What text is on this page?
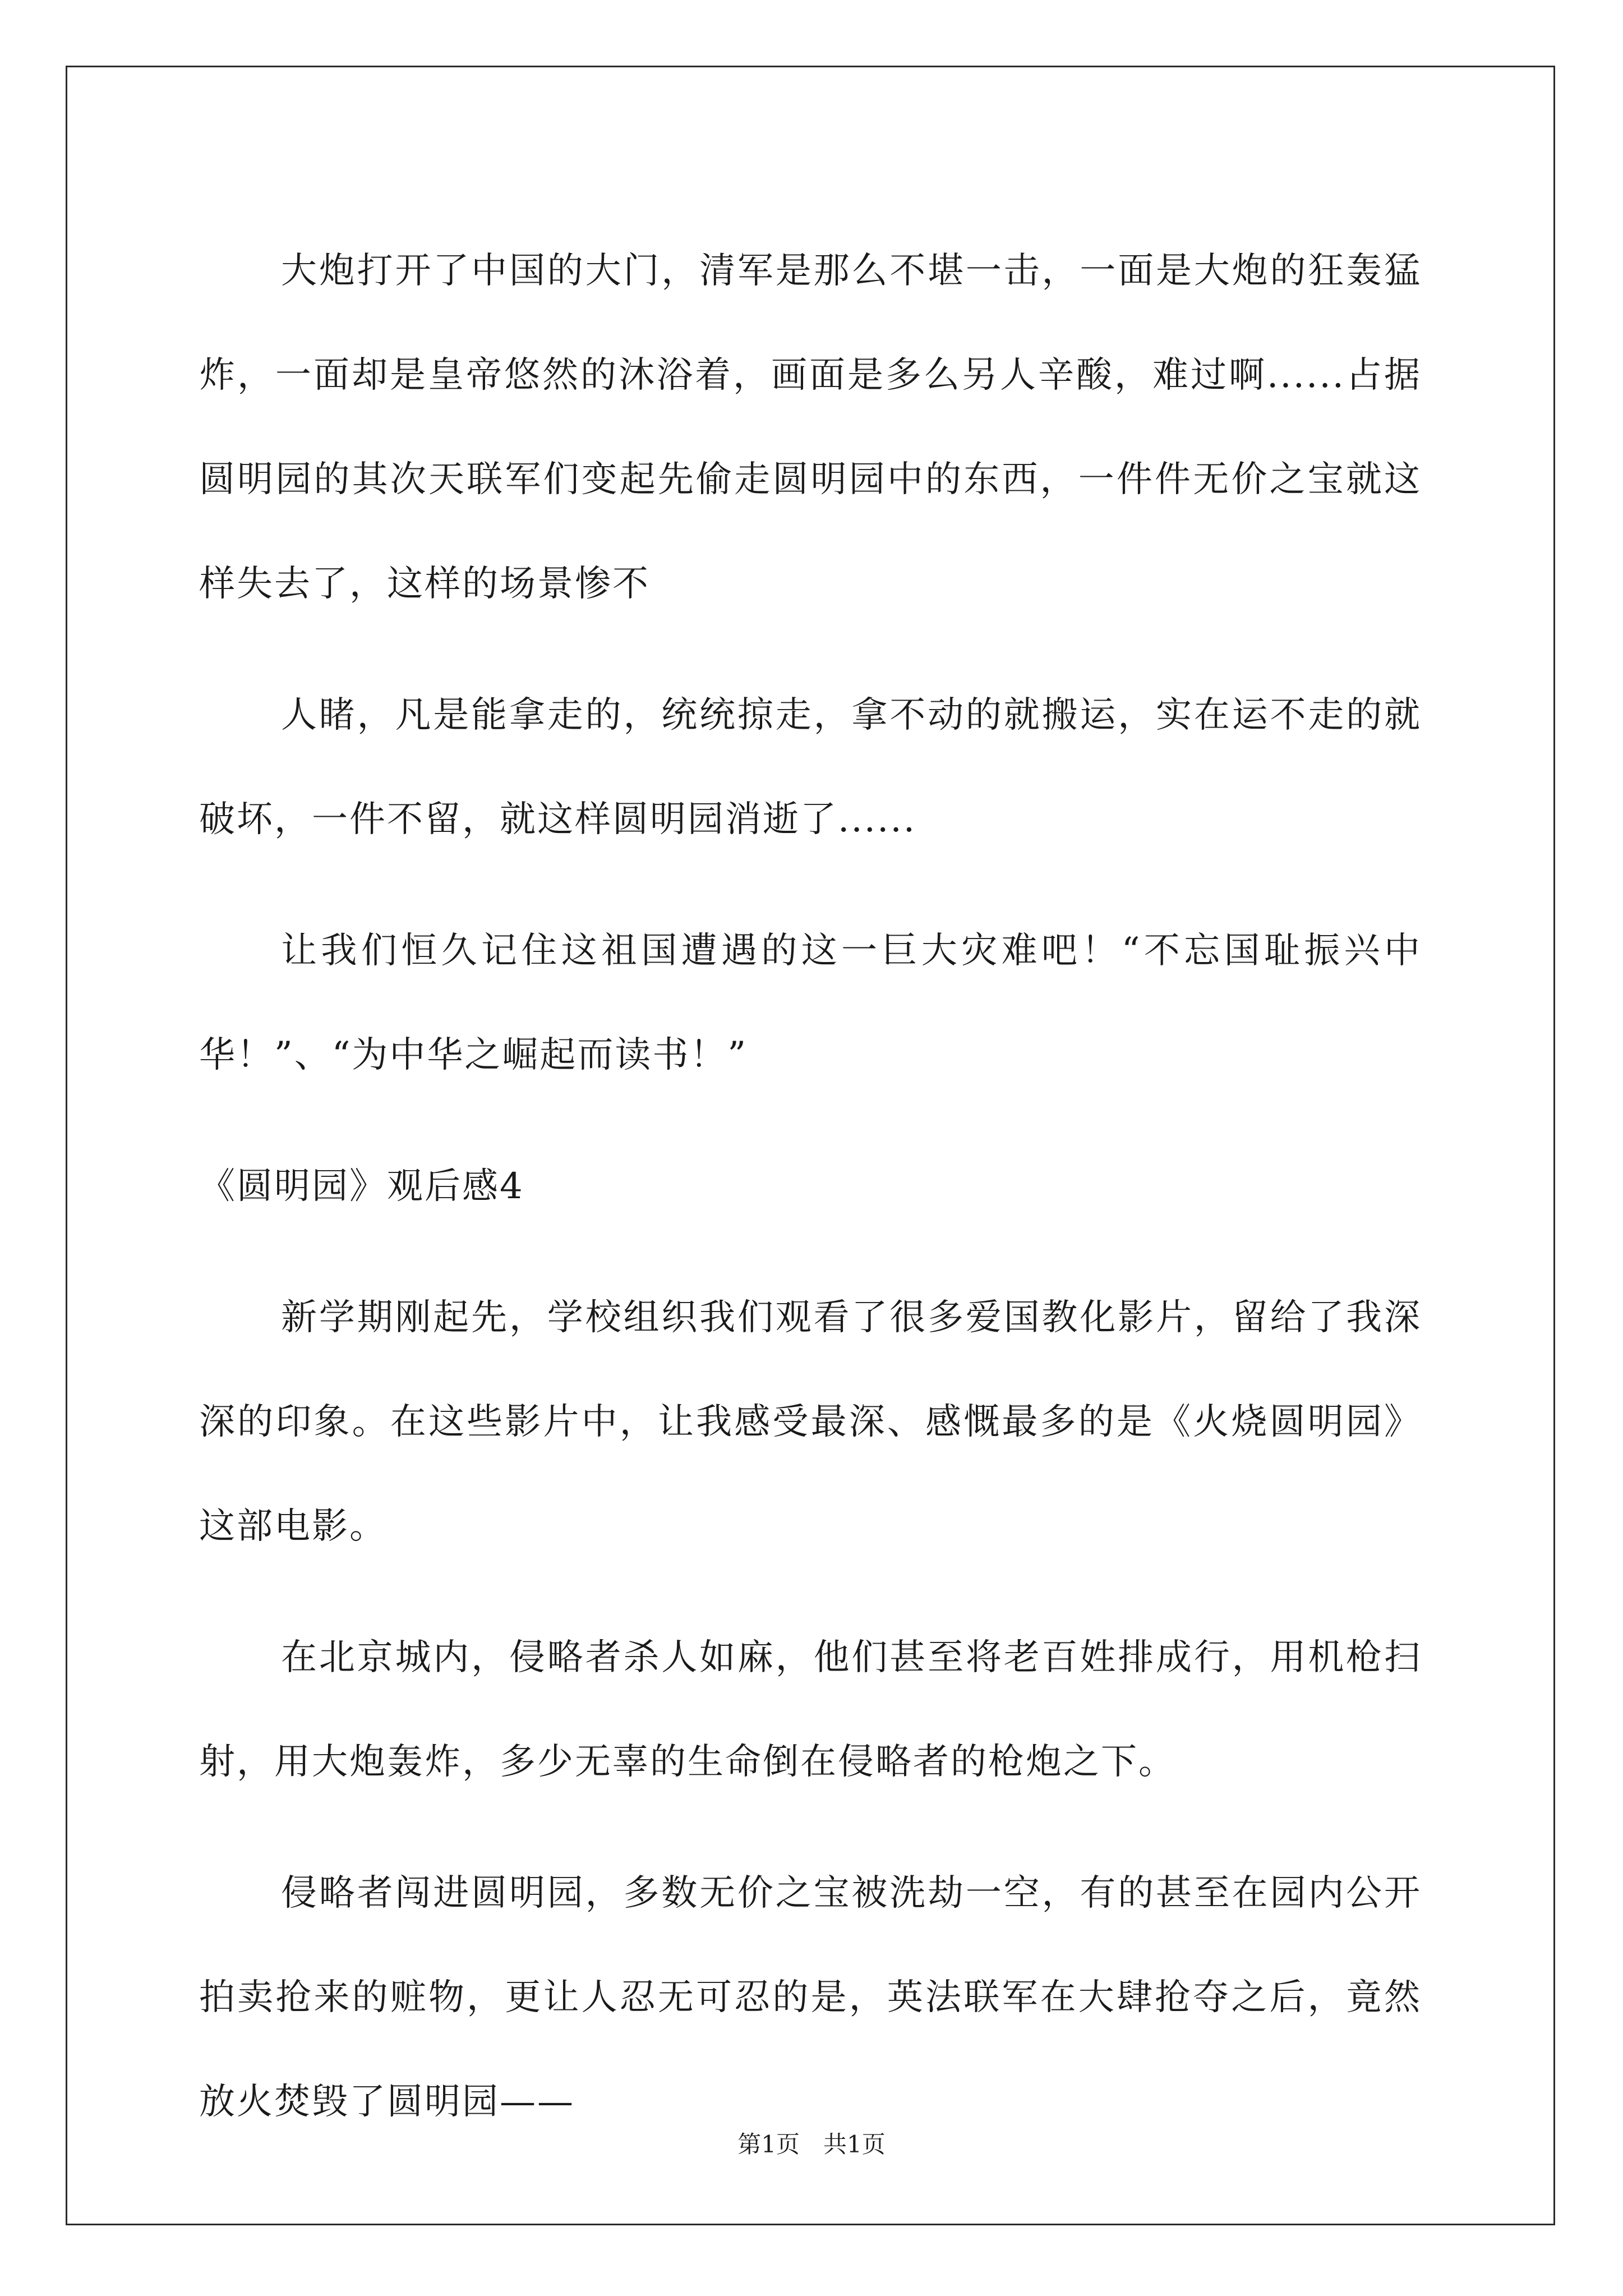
大炮打开了中国的大门，清军是那么不堪一击，一面是大炮的狂轰猛炸，一面却是皇帝悠然的沐浴着，画面是多么另人辛酸，难过啊......占据圆明园的其次天联军们变起先偷走圆明园中的东西，一件件无价之宝就这样失去了，这样的场景惨不

人睹，凡是能拿走的，统统掠走，拿不动的就搬运，实在运不走的就破坏，一件不留，就这样圆明园消逝了......

让我们恒久记住这祖国遭遇的这一巨大灾难吧！“不忘国耻振兴中华！”、“为中华之崛起而读书！”

《圆明园》观后感4

新学期刚起先，学校组织我们观看了很多爱国教化影片，留给了我深深的印象。在这些影片中，让我感受最深、感慨最多的是《火烧圆明园》这部电影。

在北京城内，侵略者杀人如麻，他们甚至将老百姓排成行，用机枪扫射，用大炮轰炸，多少无辜的生命倒在侵略者的枪炮之下。

侵略者闯进圆明园，多数无价之宝被洗劫一空，有的甚至在园内公开拍卖抢来的赃物，更让人忍无可忍的是，英法联军在大肆抢夺之后，竟然放火焚毁了圆明园——

第1页　共1页
